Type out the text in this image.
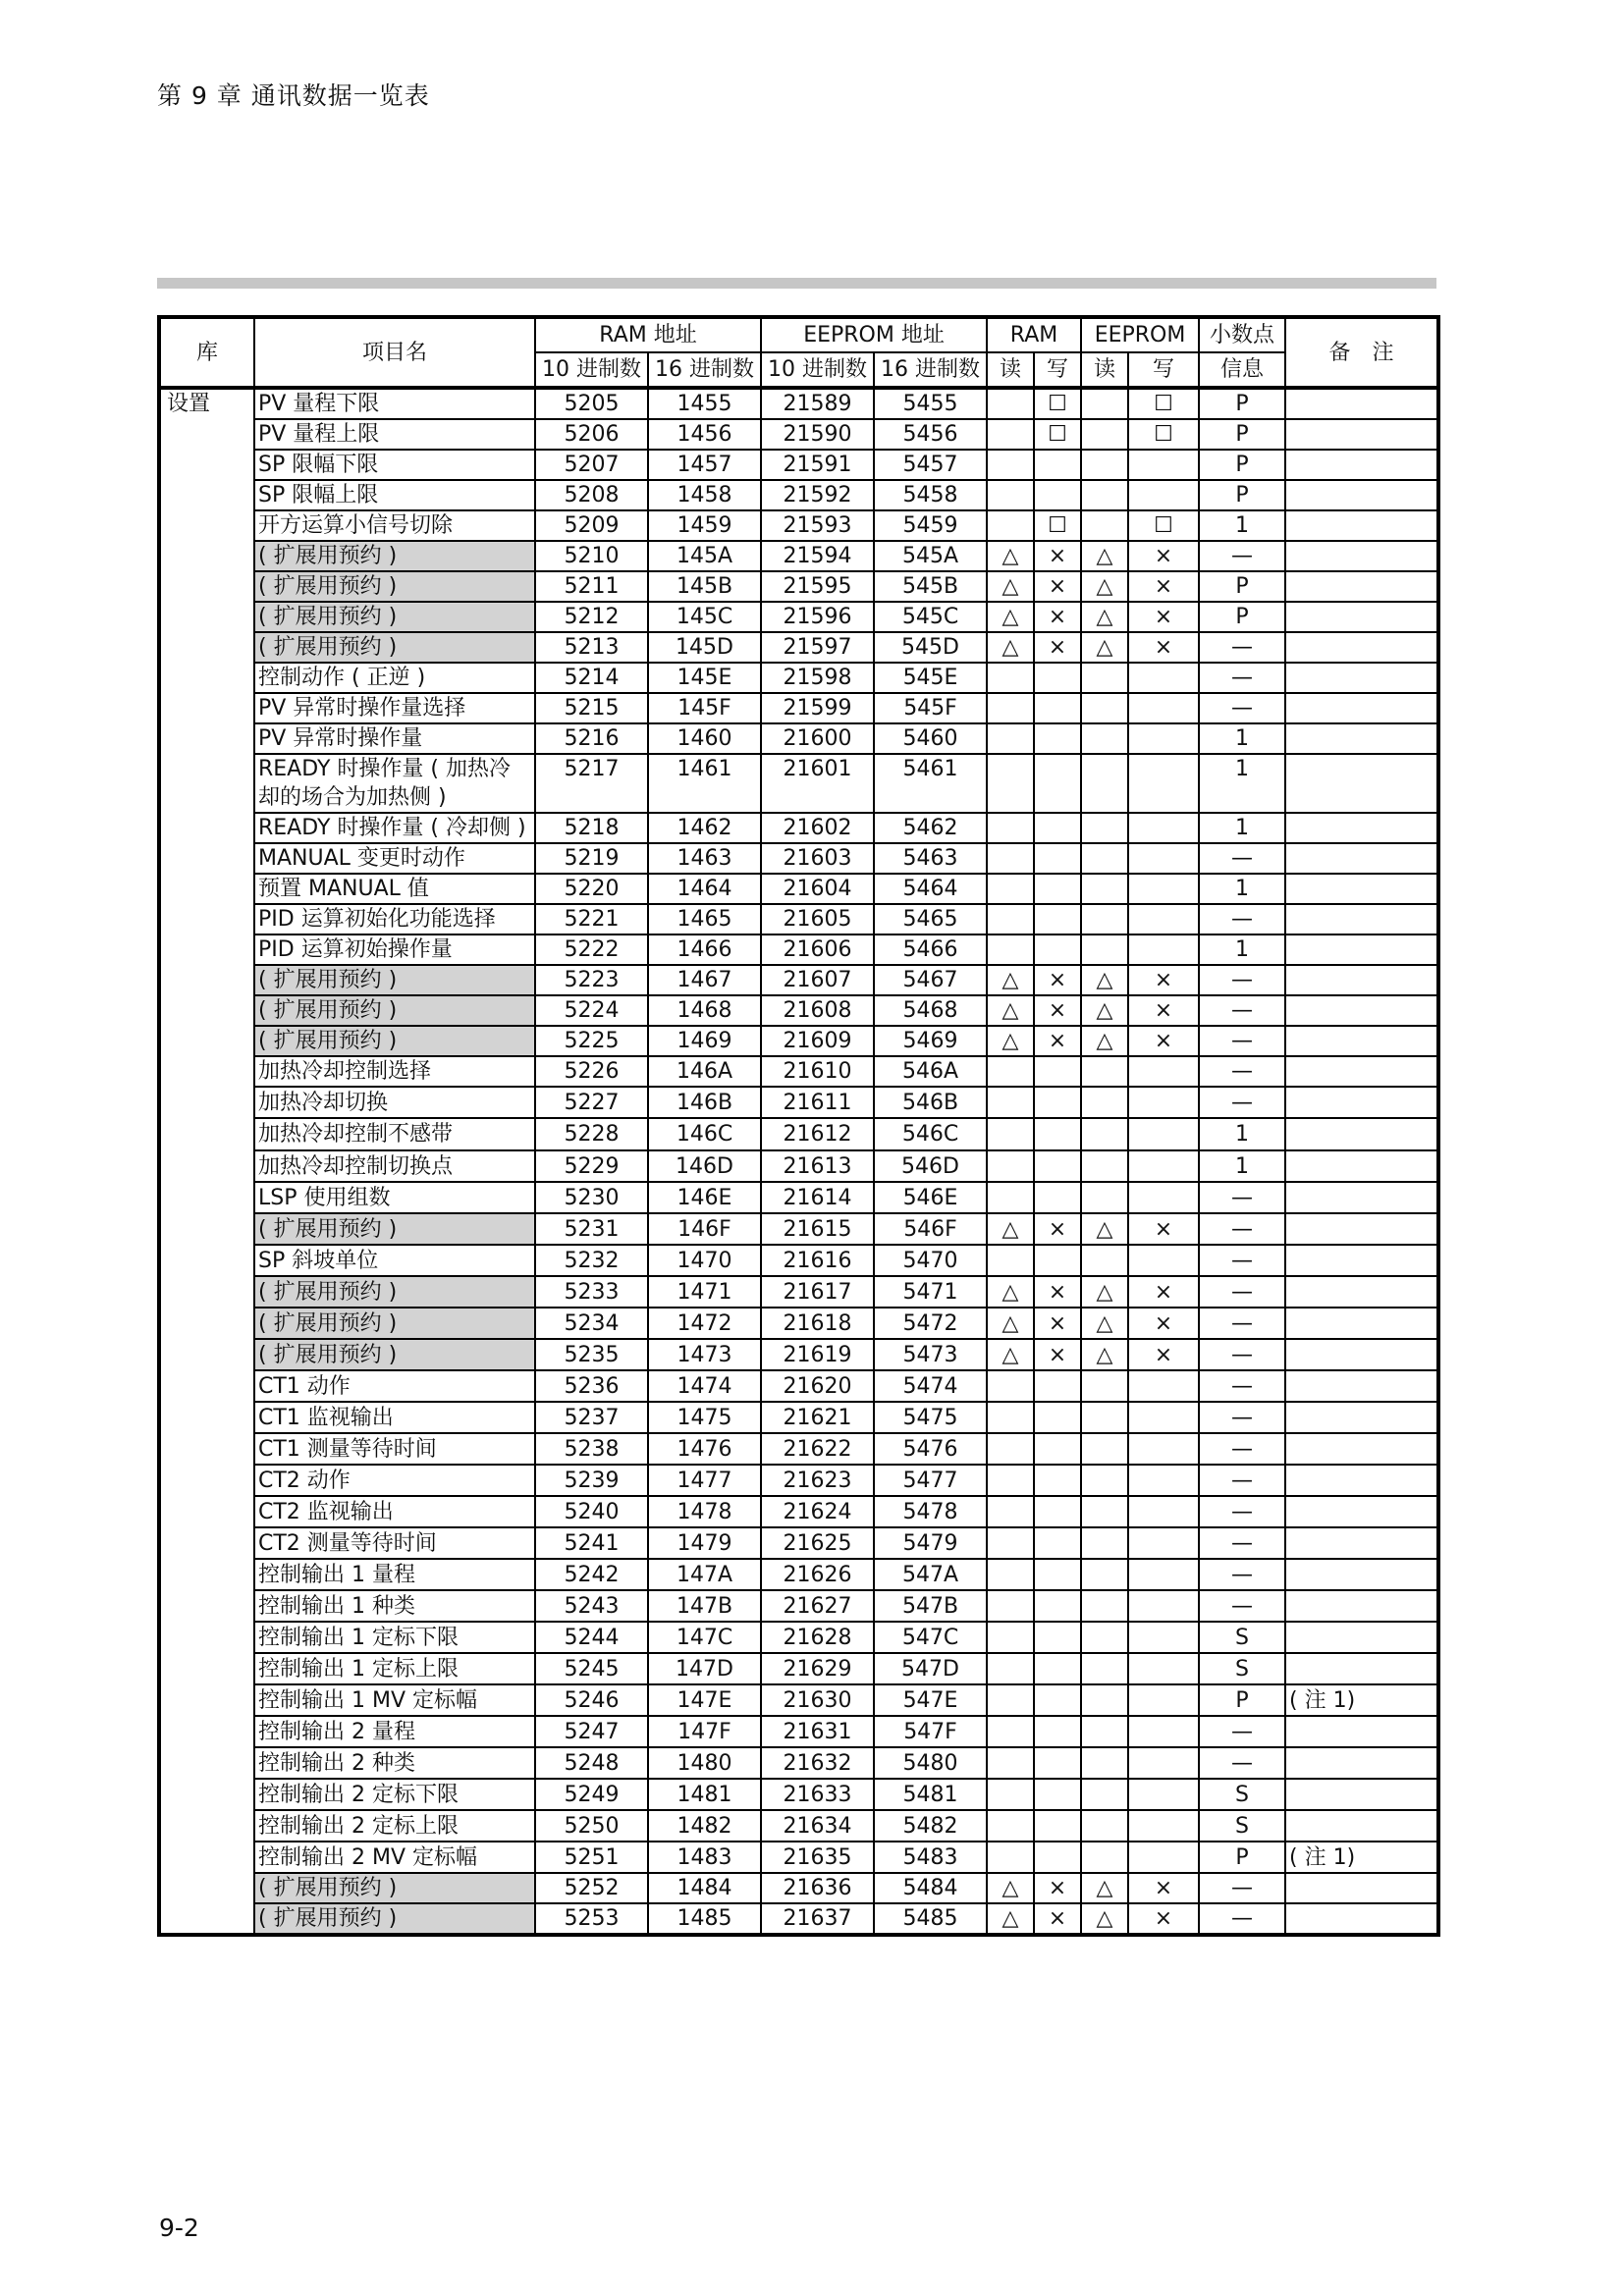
第 9 章 通讯数据一览表
库	项目名	RAM 地址		EEPROM 地址		RAM		EEPROM		小数点	备　注
		10 进制数	16 进制数	10 进制数	16 进制数	读	写	读	写	信息	
设置	PV 量程下限	5205	1455	21589	5455		☐		☐	P	
	PV 量程上限	5206	1456	21590	5456		☐		☐	P	
	SP 限幅下限	5207	1457	21591	5457					P	
	SP 限幅上限	5208	1458	21592	5458					P	
	开方运算小信号切除	5209	1459	21593	5459		☐		☐	1	
	( 扩展用预约 )	5210	145A	21594	545A	△	×	△	×	—	
	( 扩展用预约 )	5211	145B	21595	545B	△	×	△	×	P	
	( 扩展用预约 )	5212	145C	21596	545C	△	×	△	×	P	
	( 扩展用预约 )	5213	145D	21597	545D	△	×	△	×	—	
	控制动作 ( 正逆 )	5214	145E	21598	545E					—	
	PV 异常时操作量选择	5215	145F	21599	545F					—	
	PV 异常时操作量	5216	1460	21600	5460					1	
	READY 时操作量 ( 加热冷却的场合为加热侧 )	5217	1461	21601	5461					1	
	READY 时操作量 ( 冷却侧 )	5218	1462	21602	5462					1	
	MANUAL 变更时动作	5219	1463	21603	5463					—	
	预置 MANUAL 值	5220	1464	21604	5464					1	
	PID 运算初始化功能选择	5221	1465	21605	5465					—	
	PID 运算初始操作量	5222	1466	21606	5466					1	
	( 扩展用预约 )	5223	1467	21607	5467	△	×	△	×	—	
	( 扩展用预约 )	5224	1468	21608	5468	△	×	△	×	—	
	( 扩展用预约 )	5225	1469	21609	5469	△	×	△	×	—	
	加热冷却控制选择	5226	146A	21610	546A					—	
	加热冷却切换	5227	146B	21611	546B					—	
	加热冷却控制不感带	5228	146C	21612	546C					1	
	加热冷却控制切换点	5229	146D	21613	546D					1	
	LSP 使用组数	5230	146E	21614	546E					—	
	( 扩展用预约 )	5231	146F	21615	546F	△	×	△	×	—	
	SP 斜坡单位	5232	1470	21616	5470					—	
	( 扩展用预约 )	5233	1471	21617	5471	△	×	△	×	—	
	( 扩展用预约 )	5234	1472	21618	5472	△	×	△	×	—	
	( 扩展用预约 )	5235	1473	21619	5473	△	×	△	×	—	
	CT1 动作	5236	1474	21620	5474					—	
	CT1 监视输出	5237	1475	21621	5475					—	
	CT1 测量等待时间	5238	1476	21622	5476					—	
	CT2 动作	5239	1477	21623	5477					—	
	CT2 监视输出	5240	1478	21624	5478					—	
	CT2 测量等待时间	5241	1479	21625	5479					—	
	控制输出 1 量程	5242	147A	21626	547A					—	
	控制输出 1 种类	5243	147B	21627	547B					—	
	控制输出 1 定标下限	5244	147C	21628	547C					S	
	控制输出 1 定标上限	5245	147D	21629	547D					S	
	控制输出 1 MV 定标幅	5246	147E	21630	547E					P	( 注 1)
	控制输出 2 量程	5247	147F	21631	547F					—	
	控制输出 2 种类	5248	1480	21632	5480					—	
	控制输出 2 定标下限	5249	1481	21633	5481					S	
	控制输出 2 定标上限	5250	1482	21634	5482					S	
	控制输出 2 MV 定标幅	5251	1483	21635	5483					P	( 注 1)
	( 扩展用预约 )	5252	1484	21636	5484	△	×	△	×	—	
	( 扩展用预约 )	5253	1485	21637	5485	△	×	△	×	—	
9-2
